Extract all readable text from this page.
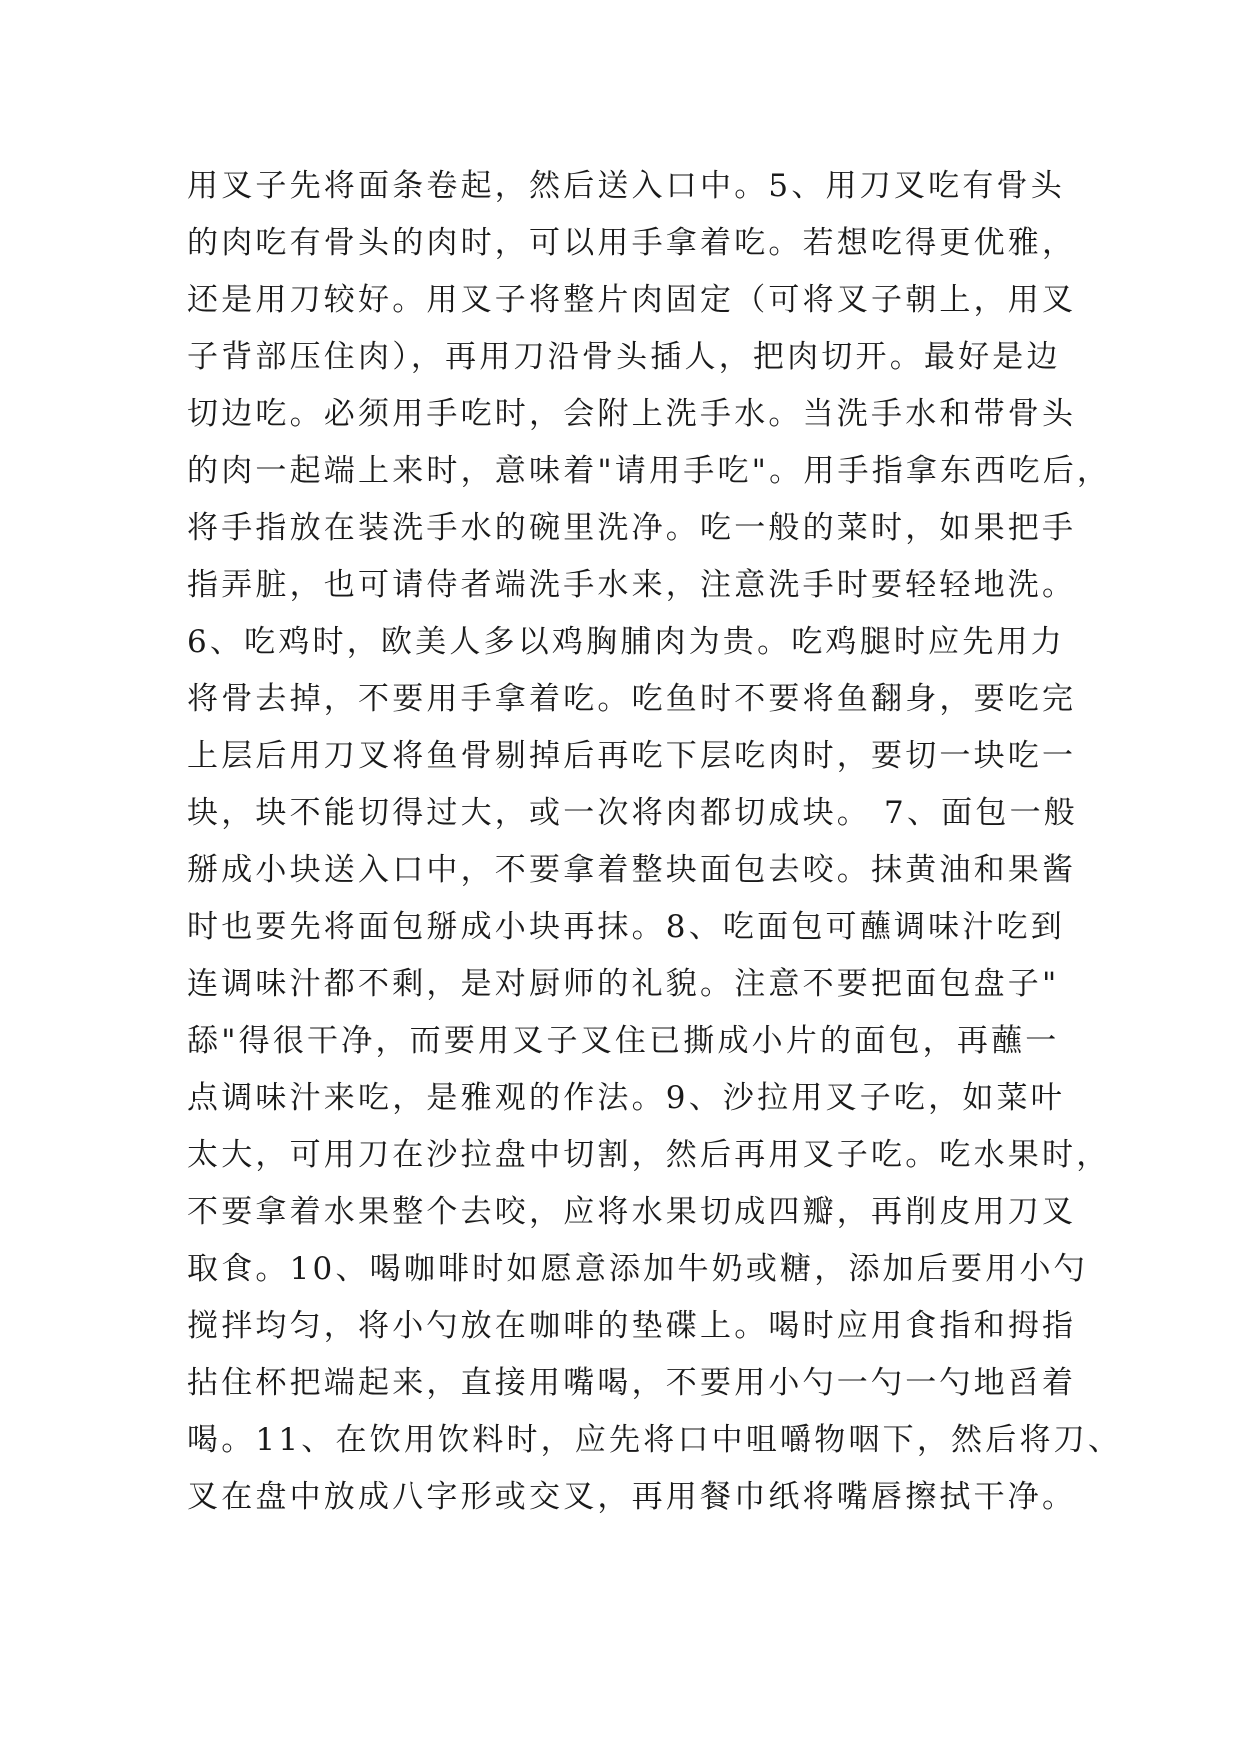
用叉子先将面条卷起，然后送入口中。5、用刀叉吃有骨头
的肉吃有骨头的肉时，可以用手拿着吃。若想吃得更优雅，
还是用刀较好。用叉子将整片肉固定（可将叉子朝上，用叉
子背部压住肉），再用刀沿骨头插人，把肉切开。最好是边
切边吃。必须用手吃时，会附上洗手水。当洗手水和带骨头
的肉一起端上来时，意味着"请用手吃"。用手指拿东西吃后，
将手指放在装洗手水的碗里洗净。吃一般的菜时，如果把手
指弄脏，也可请侍者端洗手水来，注意洗手时要轻轻地洗。
6、吃鸡时，欧美人多以鸡胸脯肉为贵。吃鸡腿时应先用力
将骨去掉，不要用手拿着吃。吃鱼时不要将鱼翻身，要吃完
上层后用刀叉将鱼骨剔掉后再吃下层吃肉时，要切一块吃一
块，块不能切得过大，或一次将肉都切成块。 7、面包一般
掰成小块送入口中，不要拿着整块面包去咬。抹黄油和果酱
时也要先将面包掰成小块再抹。8、吃面包可蘸调味汁吃到
连调味汁都不剩，是对厨师的礼貌。注意不要把面包盘子"
舔"得很干净，而要用叉子叉住已撕成小片的面包，再蘸一
点调味汁来吃，是雅观的作法。9、沙拉用叉子吃，如菜叶
太大，可用刀在沙拉盘中切割，然后再用叉子吃。吃水果时，
不要拿着水果整个去咬，应将水果切成四瓣，再削皮用刀叉
取食。10、喝咖啡时如愿意添加牛奶或糖，添加后要用小勺
搅拌均匀，将小勺放在咖啡的垫碟上。喝时应用食指和拇指
拈住杯把端起来，直接用嘴喝，不要用小勺一勺一勺地舀着
喝。11、在饮用饮料时，应先将口中咀嚼物咽下，然后将刀、
叉在盘中放成八字形或交叉，再用餐巾纸将嘴唇擦拭干净。
